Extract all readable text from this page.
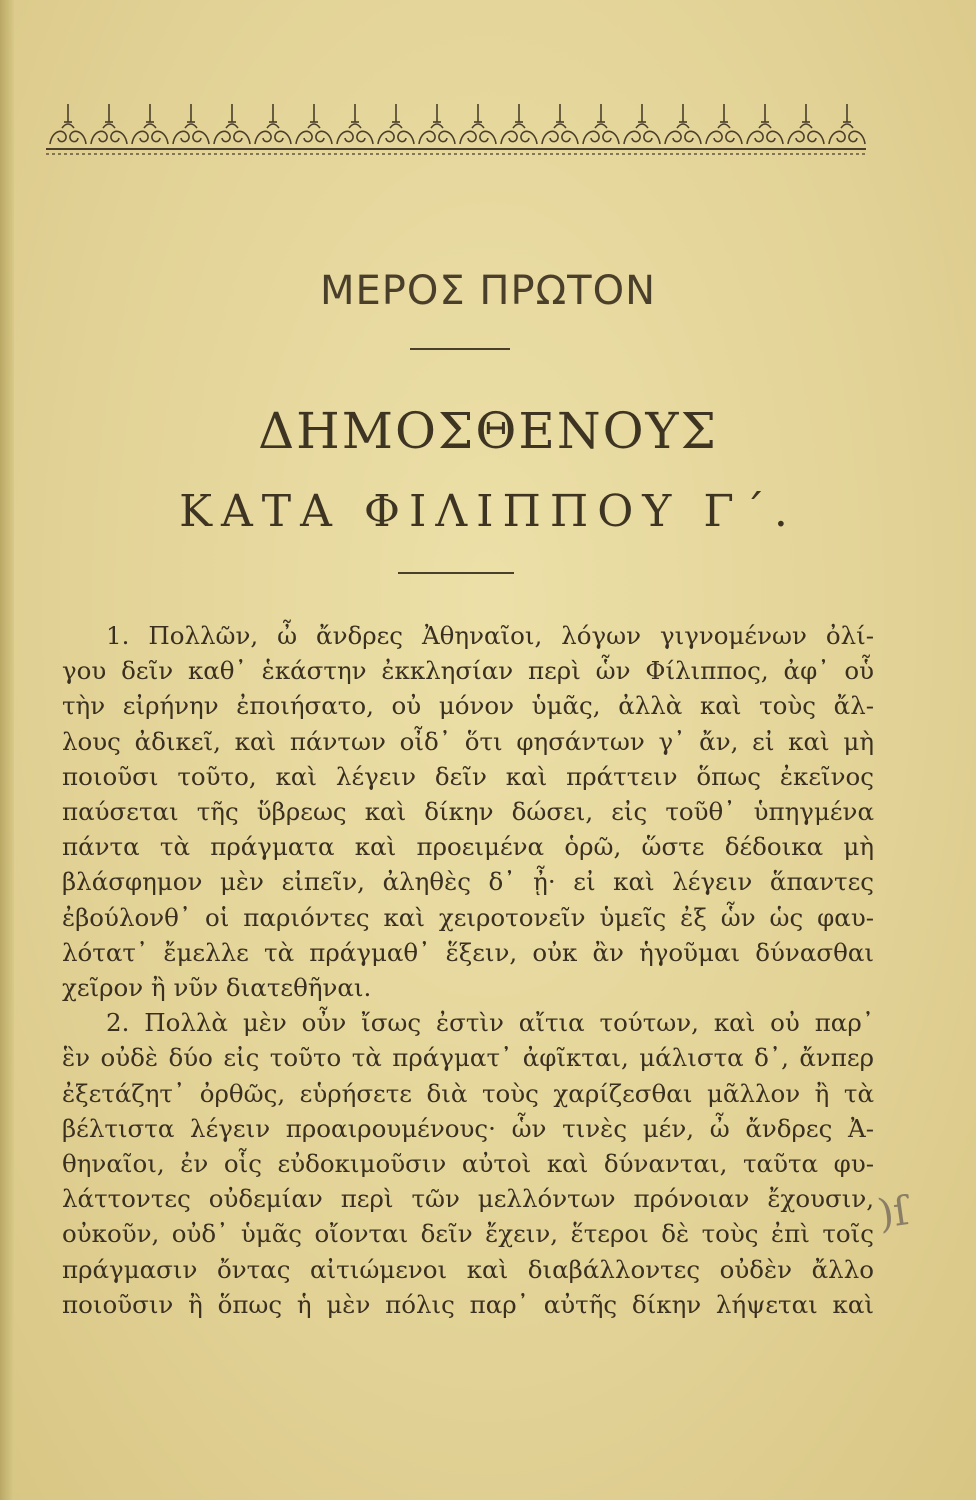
ΜΕΡΟΣ ΠΡΩΤΟΝ
ΔΗΜΟΣΘΕΝΟΥΣ
ΚΑΤΑ ΦΙΛΙΠΠΟΥ Γ΄.
1. Πολλῶν, ὦ ἄνδρες Ἀθηναῖοι, λόγων γιγνομένων ὀλί-
γου δεῖν καθ᾿ ἑκάστην ἐκκλησίαν περὶ ὧν Φίλιππος, ἀφ᾿ οὗ
τὴν εἰρήνην ἐποιήσατο, οὐ μόνον ὑμᾶς, ἀλλὰ καὶ τοὺς ἄλ-
λους ἀδικεῖ, καὶ πάντων οἶδ᾿ ὅτι φησάντων γ᾿ ἄν, εἰ καὶ μὴ
ποιοῦσι τοῦτο, καὶ λέγειν δεῖν καὶ πράττειν ὅπως ἐκεῖνος
παύσεται τῆς ὕβρεως καὶ δίκην δώσει, εἰς τοῦθ᾿ ὑπηγμένα
πάντα τὰ πράγματα καὶ προειμένα ὁρῶ, ὥστε δέδοικα μὴ
βλάσφημον μὲν εἰπεῖν, ἀληθὲς δ᾿ ᾖ· εἰ καὶ λέγειν ἅπαντες
ἐβούλονθ᾿ οἱ παριόντες καὶ χειροτονεῖν ὑμεῖς ἐξ ὧν ὡς φαυ-
λότατ᾿ ἔμελλε τὰ πράγμαθ᾿ ἕξειν, οὐκ ἂν ἡγοῦμαι δύνασθαι
χεῖρον ἢ νῦν διατεθῆναι.
2. Πολλὰ μὲν οὖν ἴσως ἐστὶν αἴτια τούτων, καὶ οὐ παρ᾿
ἓν οὐδὲ δύο εἰς τοῦτο τὰ πράγματ᾿ ἀφῖκται, μάλιστα δ᾿, ἄνπερ
ἐξετάζητ᾿ ὀρθῶς, εὑρήσετε διὰ τοὺς χαρίζεσθαι μᾶλλον ἢ τὰ
βέλτιστα λέγειν προαιρουμένους· ὧν τινὲς μέν, ὦ ἄνδρες Ἀ-
θηναῖοι, ἐν οἷς εὐδοκιμοῦσιν αὐτοὶ καὶ δύνανται, ταῦτα φυ-
λάττοντες οὐδεμίαν περὶ τῶν μελλόντων πρόνοιαν ἔχουσιν,
οὐκοῦν, οὐδ᾿ ὑμᾶς οἴονται δεῖν ἔχειν, ἕτεροι δὲ τοὺς ἐπὶ τοῖς
πράγμασιν ὄντας αἰτιώμενοι καὶ διαβάλλοντες οὐδὲν ἄλλο
ποιοῦσιν ἢ ὅπως ἡ μὲν πόλις παρ᾿ αὐτῆς δίκην λήψεται καὶ
)ſ
